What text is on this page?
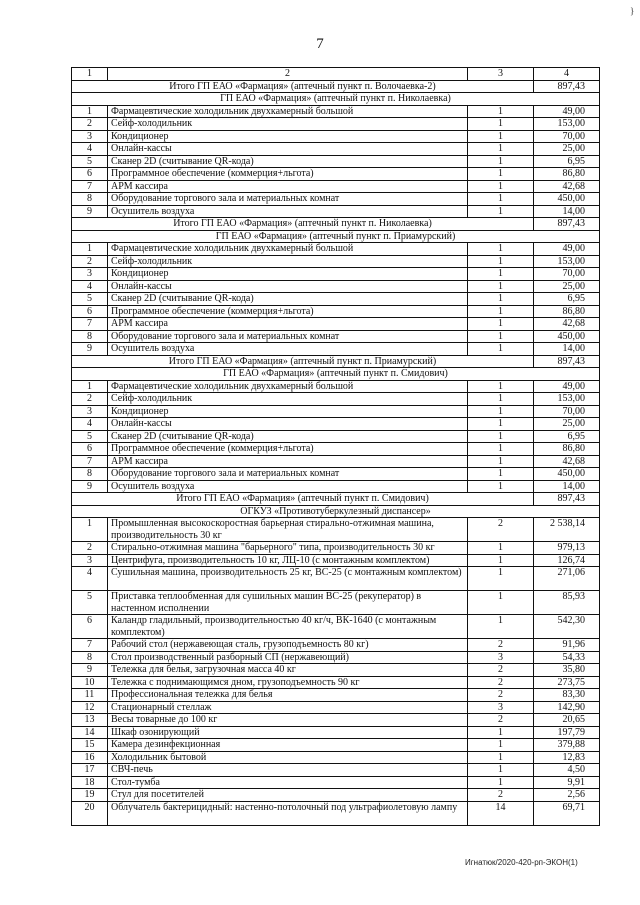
}
7
1	2	3	4
Итого ГП ЕАО «Фармация» (аптечный пункт п. Волочаевка-2)			897,43
ГП ЕАО «Фармация» (аптечный пункт п. Николаевка)			
1	Фармацевтические холодильник двухкамерный большой	1	49,00
2	Сейф-холодильник	1	153,00
3	Кондиционер	1	70,00
4	Онлайн-кассы	1	25,00
5	Сканер 2D (считывание QR-кода)	1	6,95
6	Программное обеспечение (коммерция+льгота)	1	86,80
7	АРМ кассира	1	42,68
8	Оборудование торгового зала и материальных комнат	1	450,00
9	Осушитель воздуха	1	14,00
Итого ГП ЕАО «Фармация» (аптечный пункт п. Николаевка)			897,43
ГП ЕАО «Фармация» (аптечный пункт п. Приамурский)			
1	Фармацевтические холодильник двухкамерный большой	1	49,00
2	Сейф-холодильник	1	153,00
3	Кондиционер	1	70,00
4	Онлайн-кассы	1	25,00
5	Сканер 2D (считывание QR-кода)	1	6,95
6	Программное обеспечение (коммерция+льгота)	1	86,80
7	АРМ кассира	1	42,68
8	Оборудование торгового зала и материальных комнат	1	450,00
9	Осушитель воздуха	1	14,00
Итого ГП ЕАО «Фармация» (аптечный пункт п. Приамурский)			897,43
ГП ЕАО «Фармация» (аптечный пункт п. Смидович)			
1	Фармацевтические холодильник двухкамерный большой	1	49,00
2	Сейф-холодильник	1	153,00
3	Кондиционер	1	70,00
4	Онлайн-кассы	1	25,00
5	Сканер 2D (считывание QR-кода)	1	6,95
6	Программное обеспечение (коммерция+льгота)	1	86,80
7	АРМ кассира	1	42,68
8	Оборудование торгового зала и материальных комнат	1	450,00
9	Осушитель воздуха	1	14,00
Итого ГП ЕАО «Фармация» (аптечный пункт п. Смидович)			897,43
ОГКУЗ «Противотуберкулезный диспансер»			
1	Промышленная высокоскоростная барьерная стирально-отжимная машина, производительность 30 кг	2	2 538,14
2	Стирально-отжимная машина "барьерного" типа, производительность 30 кг	1	979,13
3	Центрифуга, производительность 10 кг, ЛЦ-10 (с монтажным комплектом)	1	126,74
4	Сушильная машина, производительность 25 кг, ВС-25 (с монтажным комплектом)	1	271,06
5	Приставка теплообменная для сушильных машин ВС-25 (рекуператор) в настенном исполнении	1	85,93
6	Каландр гладильный, производительностью 40 кг/ч, ВК-1640 (с монтажным комплектом)	1	542,30
7	Рабочий стол (нержавеющая сталь, грузоподъемность 80 кг)	2	91,96
8	Стол производственный разборный СП (нержавеющий)	3	54,33
9	Тележка для белья, загрузочная масса 40 кг	2	35,80
10	Тележка с поднимающимся дном, грузоподъемность 90 кг	2	273,75
11	Профессиональная тележка для белья	2	83,30
12	Стационарный стеллаж	3	142,90
13	Весы товарные до 100 кг	2	20,65
14	Шкаф озонирующий	1	197,79
15	Камера дезинфекционная	1	379,88
16	Холодильник бытовой	1	12,83
17	СВЧ-печь	1	4,50
18	Стол-тумба	1	9,91
19	Стул для посетителей	2	2,56
20	Облучатель бактерицидный: настенно-потолочный под ультрафиолетовую лампу	14	69,71
Игнатюк/2020-420-рп-ЭКОН(1)
